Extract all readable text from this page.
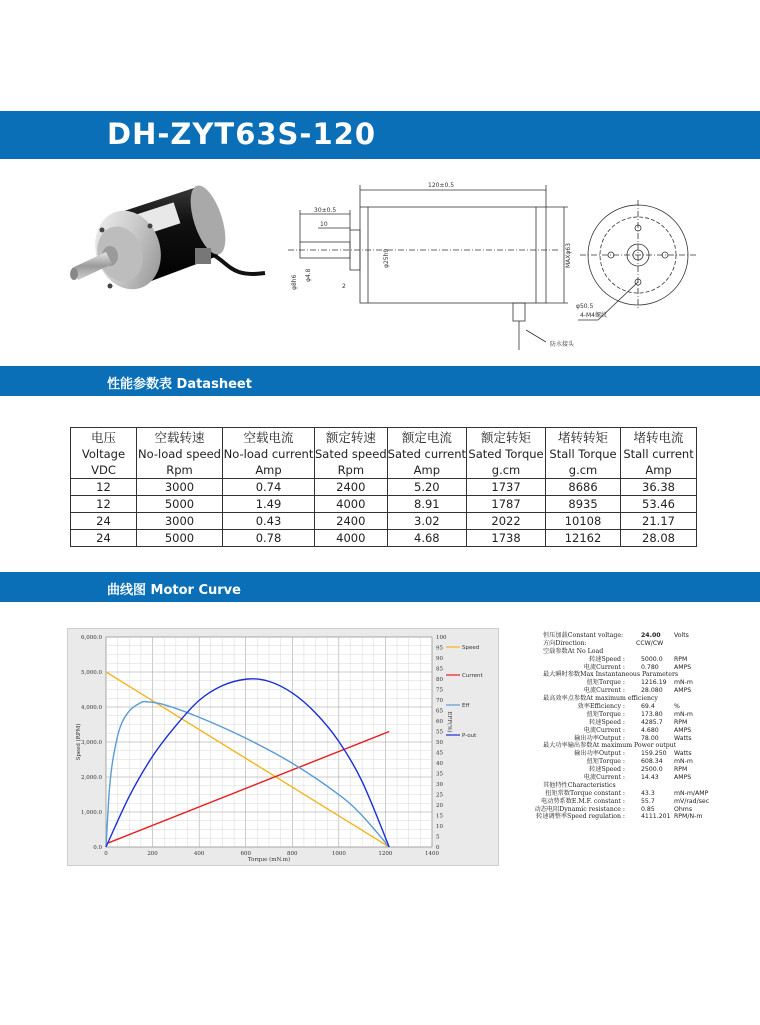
DH-ZYT63S-120
120±0.5
30±0.5
10
2
φ8h6 φ4.8
φ25h9	MAXφ63
φ50.5
4-M4螺纹
防水接头
性能参数表 Datasheet
电压	空载转速	空载电流	额定转速	额定电流	额定转矩	堵转转矩	堵转电流
Voltage	No-load speed	No-load current	Sated speed	Sated current	Sated Torque	Stall Torque	Stall current
VDC	Rpm	Amp	Rpm	Amp	g.cm	g.cm	Amp
12	3000	0.74	2400	5.20	1737	8686	36.38
12	5000	1.49	4000	8.91	1787	8935	53.46
24	3000	0.43	2400	3.02	2022	10108	21.17
24	5000	0.78	4000	4.68	1738	12162	28.08
曲线图 Motor Curve
0	200	400	600	800	1000	1200	1400
0.0
1,000.0
2,000.0
3,000.0
4,000.0
5,000.0
6,000.0
0
5
10
15
20
25
30
35
40
45
50
55
60
65
70
75
80
85
90
95
100
Torque (mN.m)
Speed (RPM)
EFF(%)
Speed
Current
Eff
P-out
恒压加载Constant voltage:	24.00	Volts
方向Direction:	CCW/CW
空载参数At No Load
转速Speed :	5000.0	RPM
电流Current :	0.780	AMPS
最大瞬时参数Max Instantaneous Parameters
扭矩Torque :	1216.19	mN-m
电流Current :	28.080	AMPS
最高效率点参数At maximum efficiency
效率Efficiency :	69.4	%
扭矩Torque :	173.80	mN-m
转速Speed :	4285.7	RPM
电流Current :	4.680	AMPS
输出功率Output :	78.00	Watts
最大功率输出参数At maximum Power output
输出功率Output :	159.250	Watts
扭矩Torque :	608.34	mN-m
转速Speed :	2500.0	RPM
电流Current :	14.43	AMPS
其他特性Characteristics
扭矩常数Torque constant :	43.3	mN-m/AMP
电动势系数E.M.F. constant :	55.7	mV/rad/sec
动态电阻Dynamic resistance :	0.85	Ohms
转速调整率Speed regulation :	4111.201 RPM/N-m
